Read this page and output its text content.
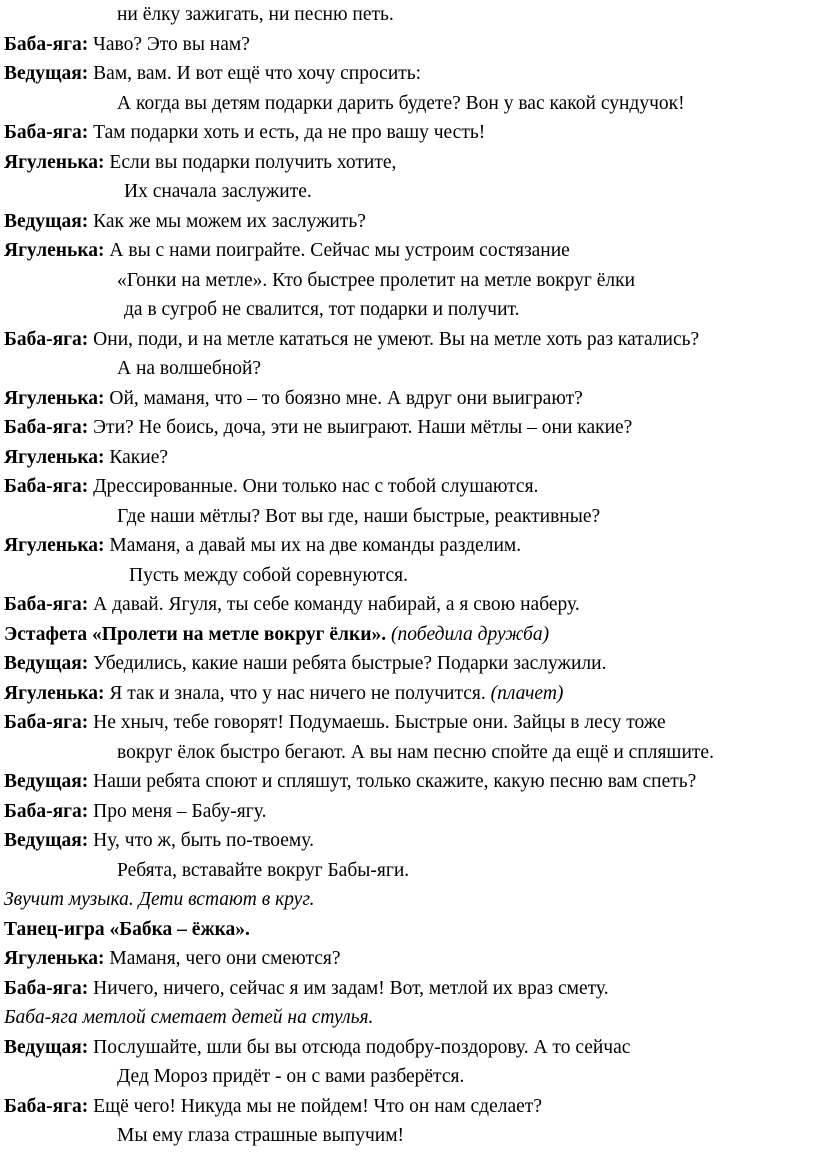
ни ёлку зажигать, ни песню петь.
Баба-яга: Чаво? Это вы нам?
Ведущая: Вам, вам. И вот ещё что хочу спросить:
А когда вы детям подарки дарить будете? Вон у вас какой сундучок!
Баба-яга: Там подарки хоть и есть, да не про вашу честь!
Ягуленька: Если вы подарки получить хотите,
Их сначала заслужите.
Ведущая: Как же мы можем их заслужить?
Ягуленька: А вы с нами поиграйте. Сейчас мы устроим состязание
«Гонки на метле». Кто быстрее пролетит на метле вокруг ёлки
да в сугроб не свалится, тот подарки и получит.
Баба-яга: Они, поди, и на метле кататься не умеют. Вы на метле хоть раз катались?
А на волшебной?
Ягуленька: Ой, маманя, что – то боязно мне. А вдруг они выиграют?
Баба-яга: Эти? Не боись, доча, эти не выиграют. Наши мётлы – они какие?
Ягуленька: Какие?
Баба-яга: Дрессированные. Они только нас с тобой слушаются.
Где наши мётлы? Вот вы где, наши быстрые, реактивные?
Ягуленька: Маманя, а давай мы их на две команды разделим.
Пусть между собой соревнуются.
Баба-яга: А давай. Ягуля, ты себе команду набирай, а я свою наберу.
Эстафета «Пролети на метле вокруг ёлки». (победила дружба)
Ведущая: Убедились, какие наши ребята быстрые? Подарки заслужили.
Ягуленька: Я так и знала, что у нас ничего не получится. (плачет)
Баба-яга: Не хныч, тебе говорят! Подумаешь. Быстрые они. Зайцы в лесу тоже
вокруг ёлок быстро бегают. А вы нам песню спойте да ещё и спляшите.
Ведущая: Наши ребята споют и спляшут, только скажите, какую песню вам спеть?
Баба-яга: Про меня – Бабу-ягу.
Ведущая: Ну, что ж, быть по-твоему.
Ребята, вставайте вокруг Бабы-яги.
Звучит музыка. Дети встают в круг.
Танец-игра «Бабка – ёжка».
Ягуленька: Маманя, чего они смеются?
Баба-яга: Ничего, ничего, сейчас я им задам! Вот, метлой их враз смету.
Баба-яга метлой сметает детей на стулья.
Ведущая: Послушайте, шли бы вы отсюда подобру-поздорову. А то сейчас
Дед Мороз придёт - он с вами разберётся.
Баба-яга: Ещё чего! Никуда мы не пойдем! Что он нам сделает?
Мы ему глаза страшные выпучим!
